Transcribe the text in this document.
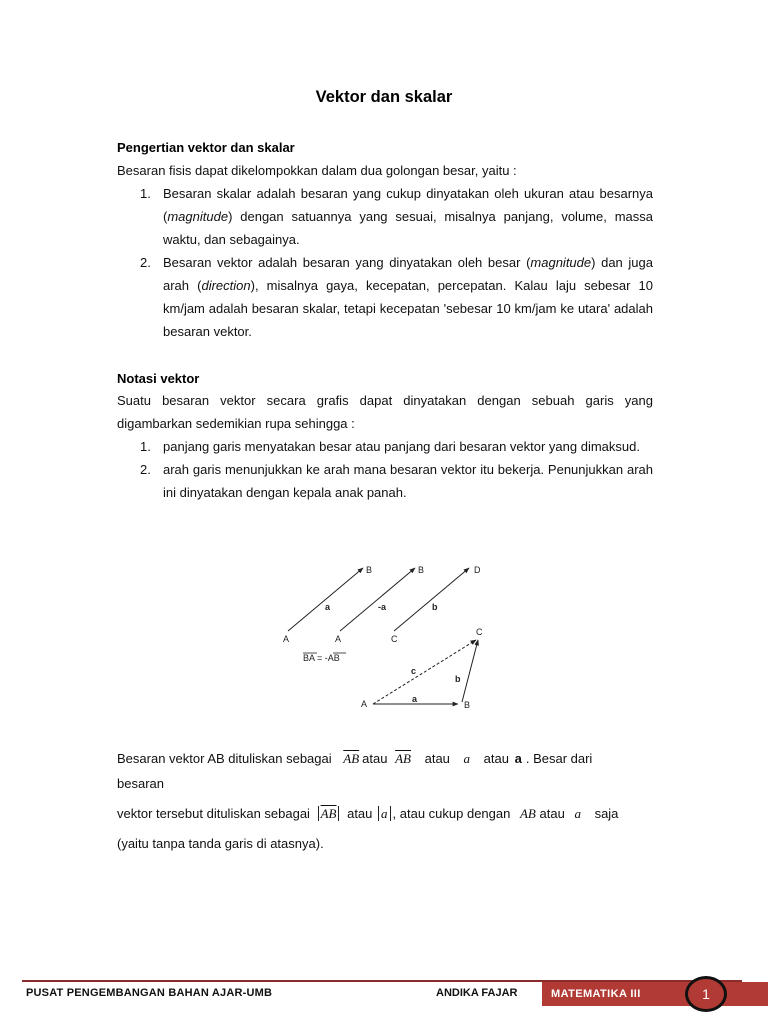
Vektor dan skalar
Pengertian vektor dan skalar
Besaran fisis dapat dikelompokkan dalam dua golongan besar, yaitu :
1. Besaran skalar adalah besaran yang cukup dinyatakan oleh ukuran atau besarnya (magnitude) dengan satuannya yang sesuai, misalnya panjang, volume, massa waktu, dan sebagainya.
2. Besaran vektor adalah besaran yang dinyatakan oleh besar (magnitude) dan juga arah (direction), misalnya gaya, kecepatan, percepatan. Kalau laju sebesar 10 km/jam adalah besaran skalar, tetapi kecepatan 'sebesar 10 km/jam ke utara' adalah besaran vektor.
Notasi vektor
Suatu besaran vektor secara grafis dapat dinyatakan dengan sebuah garis yang digambarkan sedemikian rupa sehingga :
1. panjang garis menyatakan besar atau panjang dari besaran vektor yang dimaksud.
2. arah garis menunjukkan ke arah mana besaran vektor itu bekerja. Penunjukkan arah ini dinyatakan dengan kepala anak panah.
A
B
a
A
B
-a
C
D
b
BA = -AB
A	B
C
a
b
c
Besaran vektor AB dituliskan sebagai $\overline{AB}$ atau $\overline{AB}$ atau a atau a . Besar dari
besaran
vektor tersebut dituliskan sebagai $\overline{AB}$ atau a , atau cukup dengan AB atau a saja
(yaitu tanpa tanda garis di atasnya).
PUSAT PENGEMBANGAN BAHAN AJAR-UMB	ANDIKA FAJAR	MATEMATIKA III	1
